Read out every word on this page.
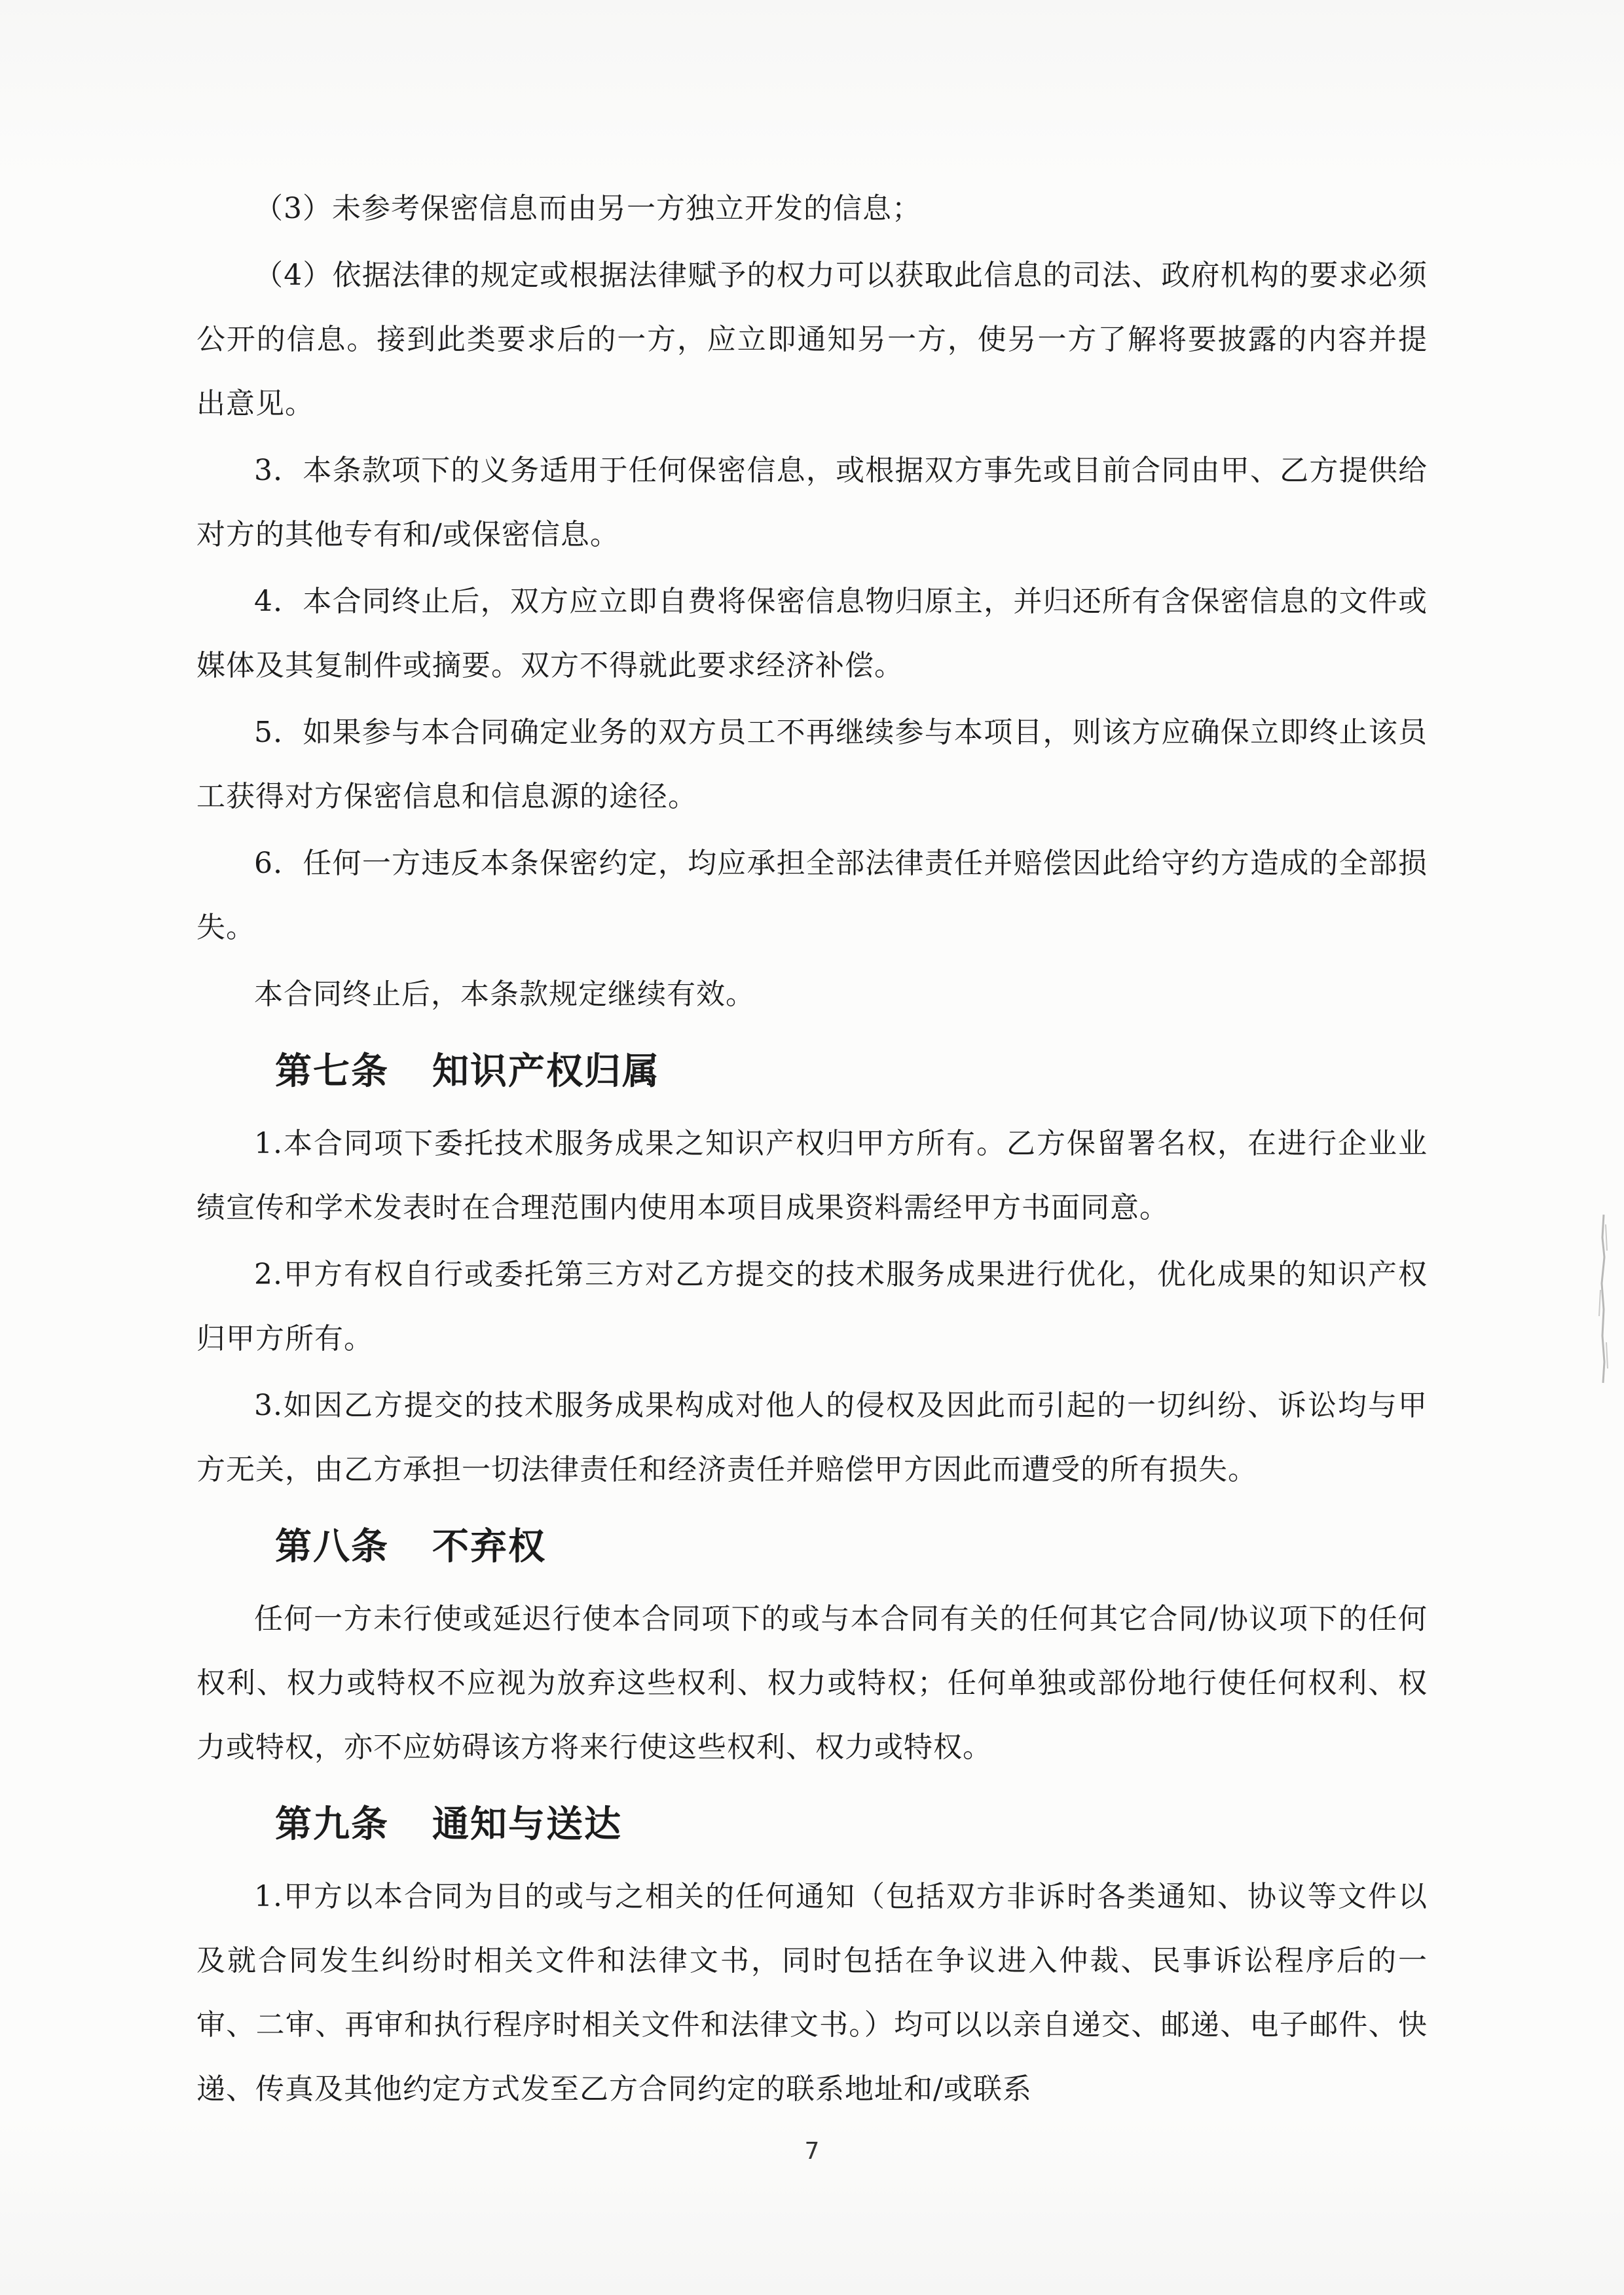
（3）未参考保密信息而由另一方独立开发的信息；

（4）依据法律的规定或根据法律赋予的权力可以获取此信息的司法、政府机构的要求必须公开的信息。接到此类要求后的一方，应立即通知另一方，使另一方了解将要披露的内容并提出意见。

3．本条款项下的义务适用于任何保密信息，或根据双方事先或目前合同由甲、乙方提供给对方的其他专有和/或保密信息。

4．本合同终止后，双方应立即自费将保密信息物归原主，并归还所有含保密信息的文件或媒体及其复制件或摘要。双方不得就此要求经济补偿。

5．如果参与本合同确定业务的双方员工不再继续参与本项目，则该方应确保立即终止该员工获得对方保密信息和信息源的途径。

6．任何一方违反本条保密约定，均应承担全部法律责任并赔偿因此给守约方造成的全部损失。

本合同终止后，本条款规定继续有效。

第七条 知识产权归属

1.本合同项下委托技术服务成果之知识产权归甲方所有。乙方保留署名权，在进行企业业绩宣传和学术发表时在合理范围内使用本项目成果资料需经甲方书面同意。

2.甲方有权自行或委托第三方对乙方提交的技术服务成果进行优化，优化成果的知识产权归甲方所有。

3.如因乙方提交的技术服务成果构成对他人的侵权及因此而引起的一切纠纷、诉讼均与甲方无关，由乙方承担一切法律责任和经济责任并赔偿甲方因此而遭受的所有损失。

第八条 不弃权

任何一方未行使或延迟行使本合同项下的或与本合同有关的任何其它合同/协议项下的任何权利、权力或特权不应视为放弃这些权利、权力或特权；任何单独或部份地行使任何权利、权力或特权，亦不应妨碍该方将来行使这些权利、权力或特权。

第九条 通知与送达

1.甲方以本合同为目的或与之相关的任何通知（包括双方非诉时各类通知、协议等文件以及就合同发生纠纷时相关文件和法律文书，同时包括在争议进入仲裁、民事诉讼程序后的一审、二审、再审和执行程序时相关文件和法律文书。）均可以以亲自递交、邮递、电子邮件、快递、传真及其他约定方式发至乙方合同约定的联系地址和/或联系

7
